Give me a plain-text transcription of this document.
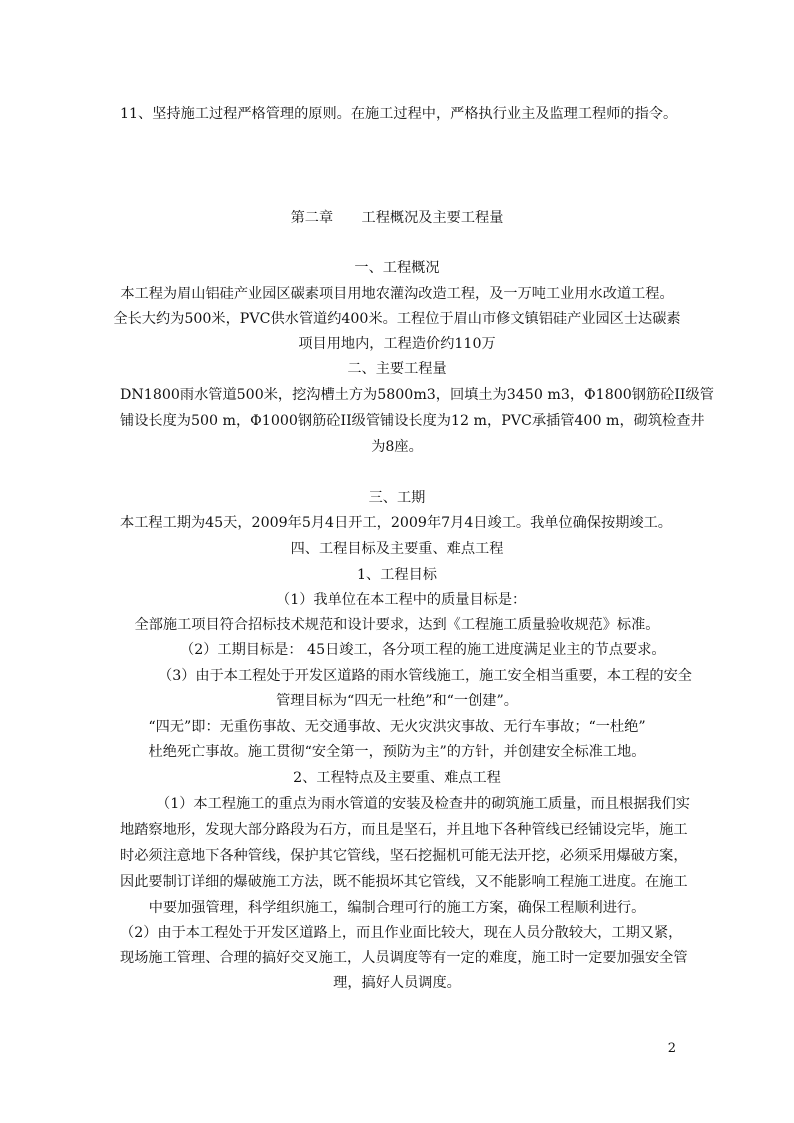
11、坚持施工过程严格管理的原则。在施工过程中，严格执行业主及监理工程师的指令。
第二章　　工程概况及主要工程量
一、工程概况
本工程为眉山铝硅产业园区碳素项目用地农灌沟改造工程，及一万吨工业用水改道工程。
全长大约为500米，PVC供水管道约400米。工程位于眉山市修文镇铝硅产业园区士达碳素
项目用地内，工程造价约110万
二、主要工程量
DN1800雨水管道500米，挖沟槽土方为5800m3，回填土为3450 m3，Φ1800钢筋砼II级管
铺设长度为500 m，Φ1000钢筋砼II级管铺设长度为12 m，PVC承插管400 m，砌筑检查井
为8座。
三、工期
本工程工期为45天，2009年5月4日开工，2009年7月4日竣工。我单位确保按期竣工。
四、工程目标及主要重、难点工程
1、工程目标
（1）我单位在本工程中的质量目标是：
全部施工项目符合招标技术规范和设计要求，达到《工程施工质量验收规范》标准。
（2）工期目标是： 45日竣工，各分项工程的施工进度满足业主的节点要求。
（3）由于本工程处于开发区道路的雨水管线施工，施工安全相当重要，本工程的安全
管理目标为“四无一杜绝”和“一创建”。
“四无”即：无重伤事故、无交通事故、无火灾洪灾事故、无行车事故；“一杜绝”
杜绝死亡事故。施工贯彻“安全第一，预防为主”的方针，并创建安全标准工地。
2、工程特点及主要重、难点工程
（1）本工程施工的重点为雨水管道的安装及检查井的砌筑施工质量，而且根据我们实
地踏察地形，发现大部分路段为石方，而且是坚石，并且地下各种管线已经铺设完毕，施工
时必须注意地下各种管线，保护其它管线，坚石挖掘机可能无法开挖，必须采用爆破方案，
因此要制订详细的爆破施工方法，既不能损坏其它管线，又不能影响工程施工进度。在施工
中要加强管理，科学组织施工，编制合理可行的施工方案，确保工程顺利进行。
（2）由于本工程处于开发区道路上，而且作业面比较大，现在人员分散较大，工期又紧，
现场施工管理、合理的搞好交叉施工，人员调度等有一定的难度，施工时一定要加强安全管
理，搞好人员调度。
2
